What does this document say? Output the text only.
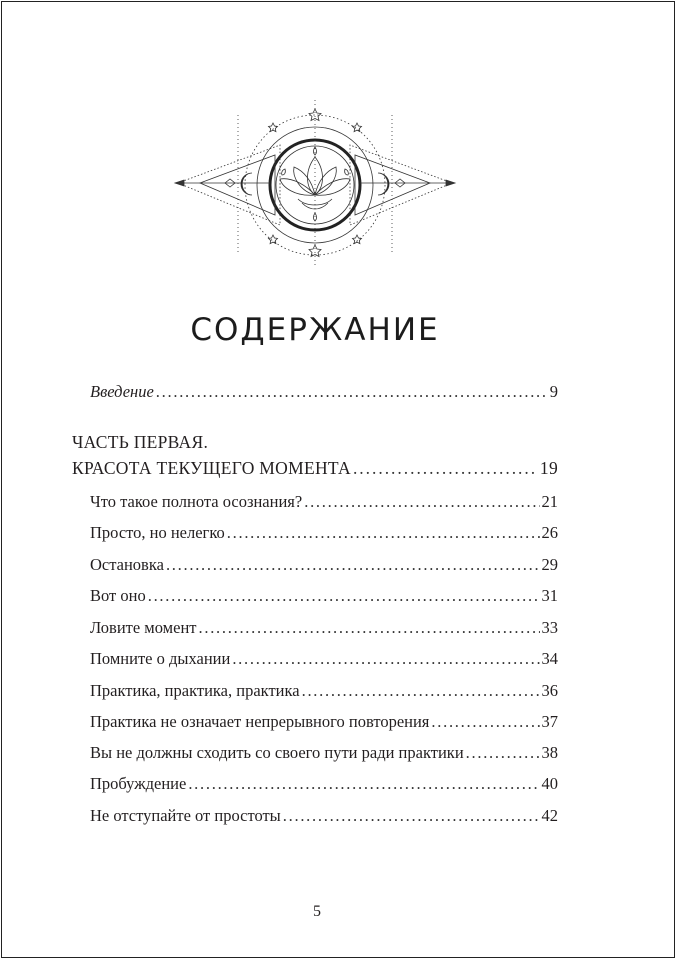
СОДЕРЖАНИЕ
Введение . . .	9
ЧАСТЬ ПЕРВАЯ.
КРАСОТА ТЕКУЩЕГО МОМЕНТА . . .	19
Что такое полнота осознания? . . .	21
Просто, но нелегко . . .	26
Остановка . . .	29
Вот оно . . .	31
Ловите момент . . .	33
Помните о дыхании . . .	34
Практика, практика, практика . . .	36
Практика не означает непрерывного повторения . . .	37
Вы не должны сходить со своего пути ради практики . . .	38
Пробуждение . . .	40
Не отступайте от простоты . . .	42
5
